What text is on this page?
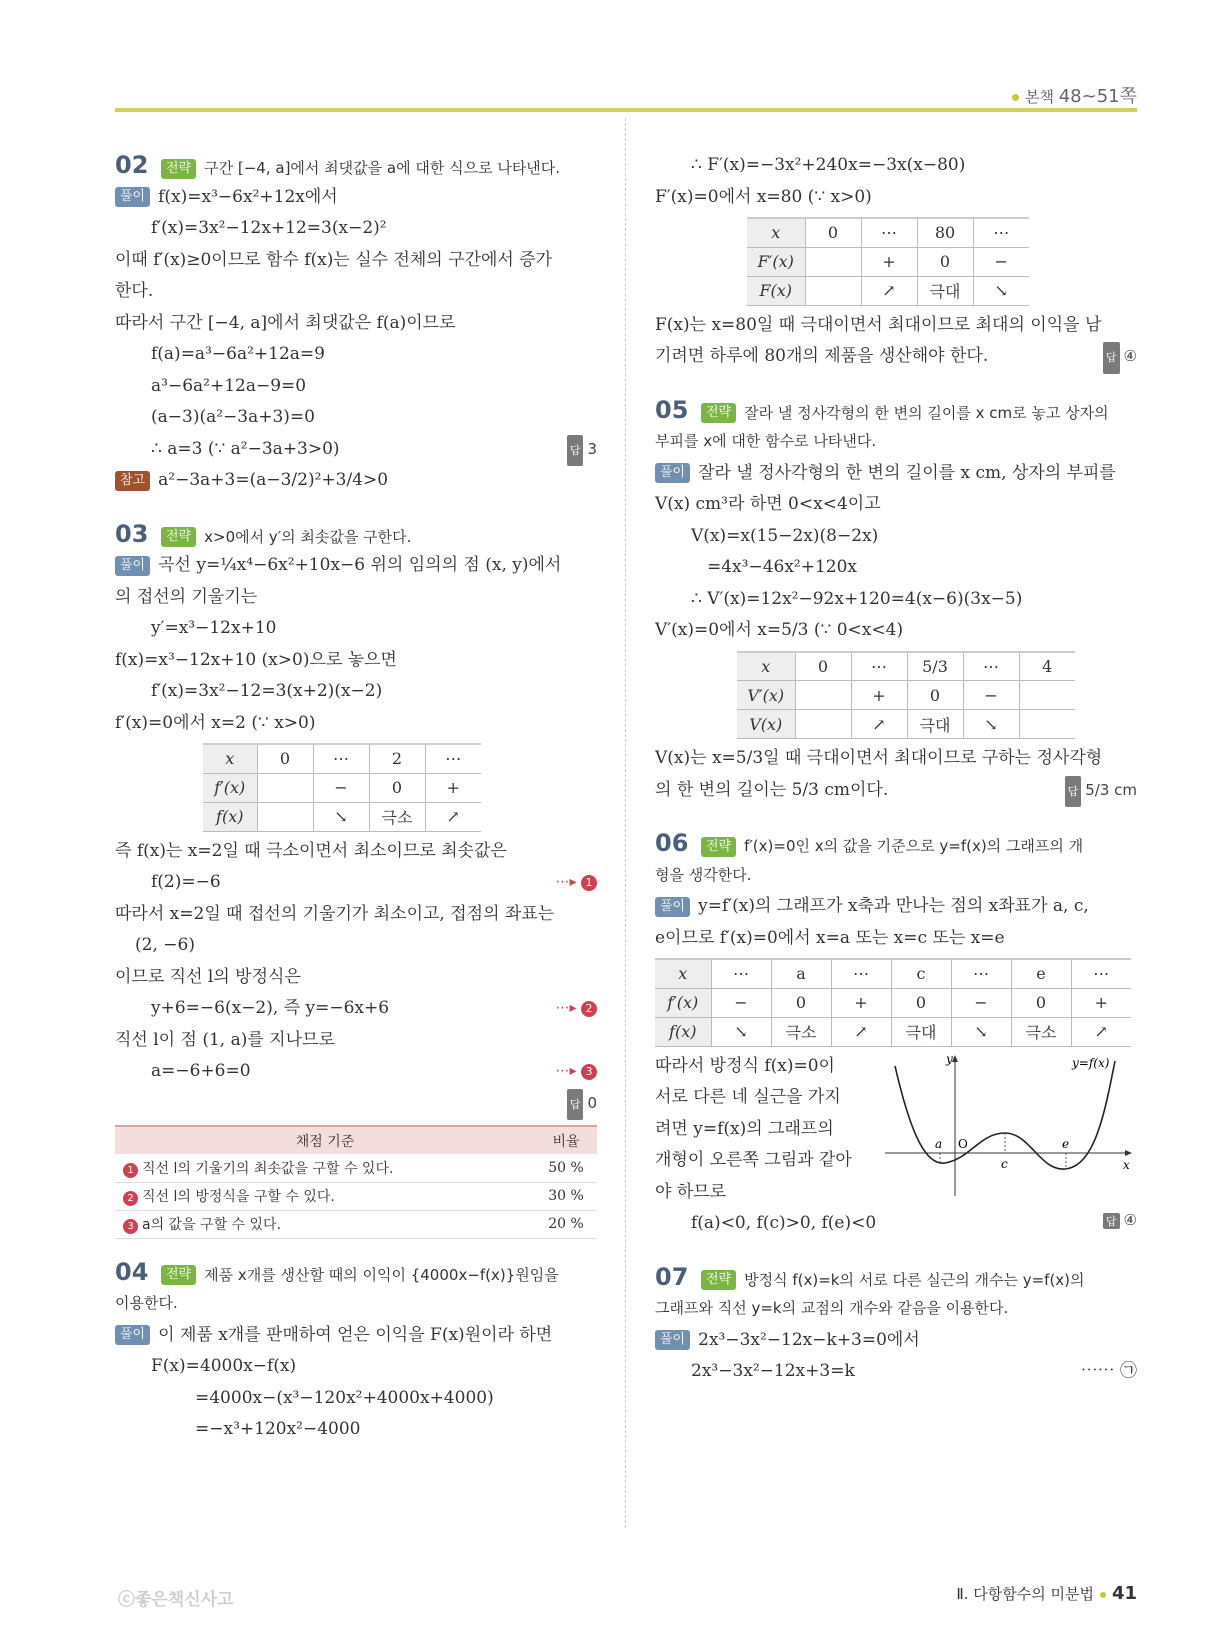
본책 48~51쪽
02	전략 구간 [−4, a]에서 최댓값을 a에 대한 식으로 나타낸다.
풀이 f(x)=x³−6x²+12x에서
f′(x)=3x²−12x+12=3(x−2)²
이때 f′(x)≥0이므로 함수 f(x)는 실수 전체의 구간에서 증가
한다.
따라서 구간 [−4, a]에서 최댓값은 f(a)이므로
f(a)=a³−6a²+12a=9
a³−6a²+12a−9=0
(a−3)(a²−3a+3)=0
∴ a=3 (∵ a²−3a+3>0)	답 3
참고 a²−3a+3=(a−3/2)²+3/4>0
03	전략 x>0에서 y′의 최솟값을 구한다.
풀이 곡선 y=¼x⁴−6x²+10x−6 위의 임의의 점 (x, y)에서
의 접선의 기울기는
y′=x³−12x+10
f(x)=x³−12x+10 (x>0)으로 놓으면
f′(x)=3x²−12=3(x+2)(x−2)
f′(x)=0에서 x=2 (∵ x>0)
x	0	⋯	2	⋯
f′(x)		−	0	+
f(x)		↘	극소	↗
즉 f(x)는 x=2일 때 극소이면서 최소이므로 최솟값은
f(2)=−6	⋯▸ 1
따라서 x=2일 때 접선의 기울기가 최소이고, 접점의 좌표는
(2, −6)
이므로 직선 l의 방정식은
y+6=−6(x−2), 즉 y=−6x+6	⋯▸ 2
직선 l이 점 (1, a)를 지나므로
a=−6+6=0	⋯▸ 3
답 0
채점 기준	비율
1 직선 l의 기울기의 최솟값을 구할 수 있다.	50 %
2 직선 l의 방정식을 구할 수 있다.	30 %
3 a의 값을 구할 수 있다.	20 %
04	전략 제품 x개를 생산할 때의 이익이 {4000x−f(x)}원임을
이용한다.
풀이 이 제품 x개를 판매하여 얻은 이익을 F(x)원이라 하면
F(x)=4000x−f(x)
=4000x−(x³−120x²+4000x+4000)
=−x³+120x²−4000
∴ F′(x)=−3x²+240x=−3x(x−80)
F′(x)=0에서 x=80 (∵ x>0)
x	0	⋯	80	⋯
F′(x)		+	0	−
F(x)		↗	극대	↘
F(x)는 x=80일 때 극대이면서 최대이므로 최대의 이익을 남
기려면 하루에 80개의 제품을 생산해야 한다.	답 ④
05	전략 잘라 낼 정사각형의 한 변의 길이를 x cm로 놓고 상자의
부피를 x에 대한 함수로 나타낸다.
풀이 잘라 낼 정사각형의 한 변의 길이를 x cm, 상자의 부피를
V(x) cm³라 하면 0<x<4이고
V(x)=x(15−2x)(8−2x)
=4x³−46x²+120x
∴ V′(x)=12x²−92x+120=4(x−6)(3x−5)
V′(x)=0에서 x=5/3 (∵ 0<x<4)
x	0	⋯	5/3	⋯	4
V′(x)		+	0	−	
V(x)		↗	극대	↘	
V(x)는 x=5/3일 때 극대이면서 최대이므로 구하는 정사각형
의 한 변의 길이는 5/3 cm이다.	답 5/3 cm
06	전략 f′(x)=0인 x의 값을 기준으로 y=f(x)의 그래프의 개
형을 생각한다.
풀이 y=f′(x)의 그래프가 x축과 만나는 점의 x좌표가 a, c,
e이므로 f′(x)=0에서 x=a 또는 x=c 또는 x=e
x	⋯	a	⋯	c	⋯	e	⋯
f′(x)	−	0	+	0	−	0	+
f(x)	↘	극소	↗	극대	↘	극소	↗
따라서 방정식 f(x)=0이
서로 다른 네 실근을 가지
려면 y=f(x)의 그래프의
개형이 오른쪽 그림과 같아
야 하므로
f(a)<0, f(c)>0, f(e)<0	답 ④
y
x
O
a
c
e
y=f(x)
07	전략 방정식 f(x)=k의 서로 다른 실근의 개수는 y=f(x)의
그래프와 직선 y=k의 교점의 개수와 같음을 이용한다.
풀이 2x³−3x²−12x−k+3=0에서
2x³−3x²−12x+3=k	⋯⋯ ㉠
ⓒ좋은책신사고	Ⅱ. 다항함수의 미분법 41
